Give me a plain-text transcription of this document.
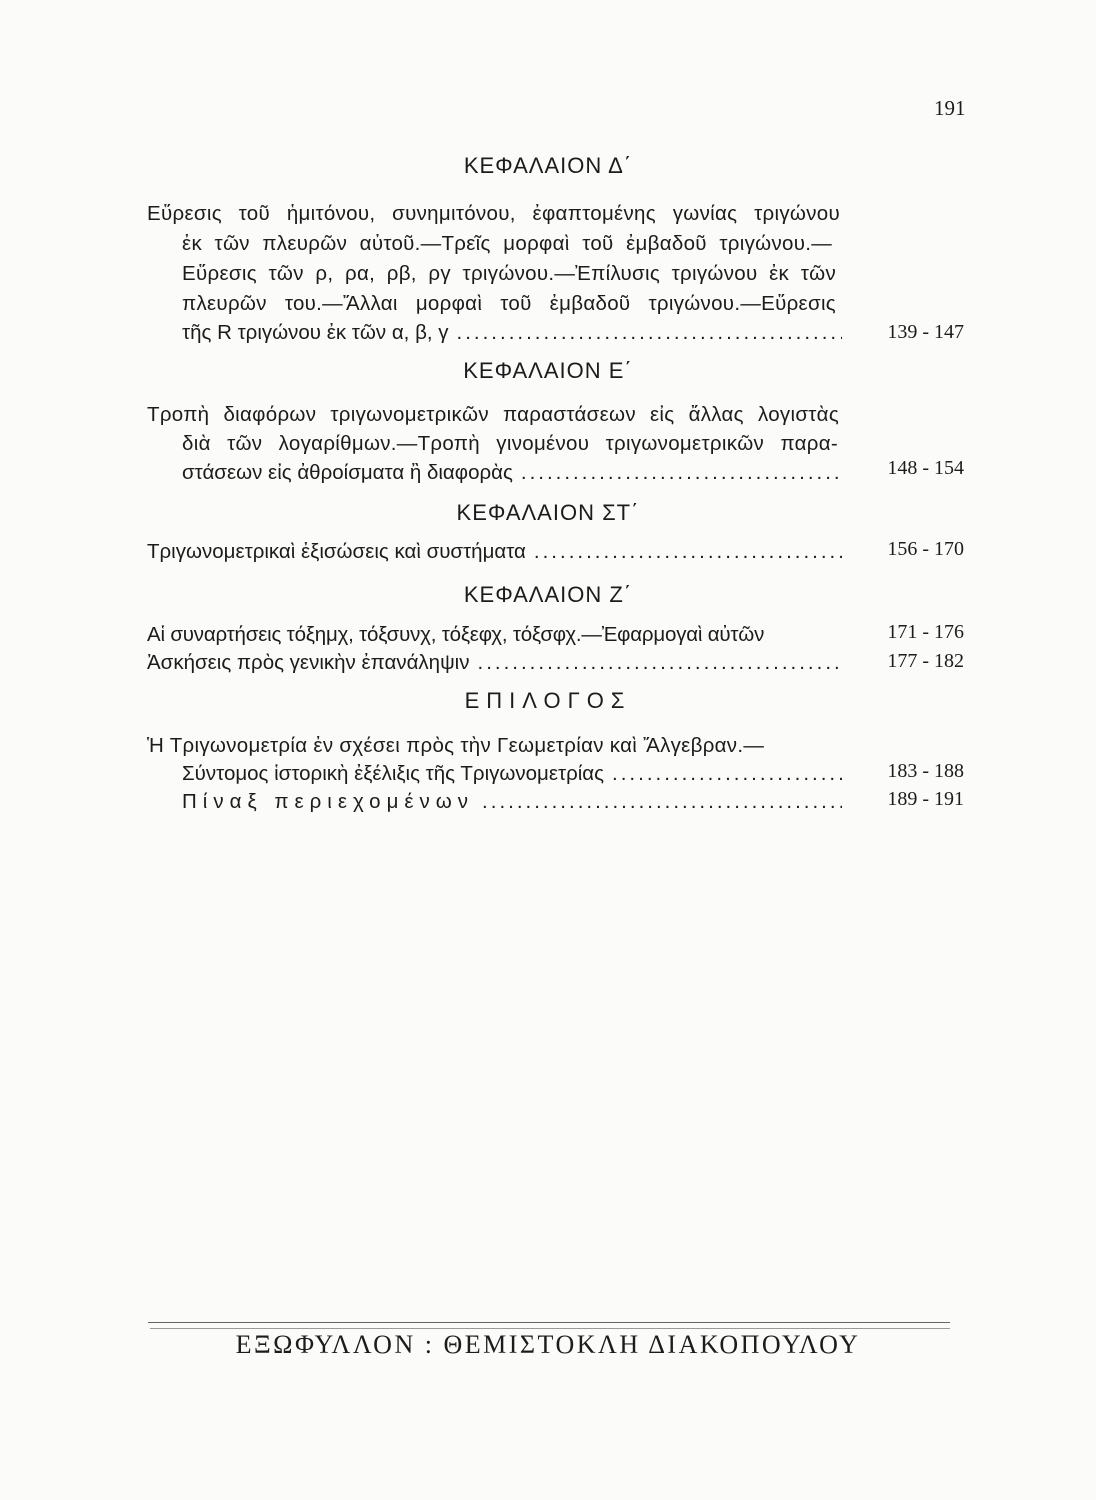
191
ΚΕΦΑΛΑΙΟΝ Δ΄
Εὕρεσις τοῦ ἡμιτόνου, συνημιτόνου, ἐφαπτομένης γωνίας τριγώνου
ἐκ τῶν πλευρῶν αὐτοῦ.—Τρεῖς μορφαὶ τοῦ ἐμβαδοῦ τριγώνου.—
Εὕρεσις τῶν ρ, ρα, ρβ, ργ τριγώνου.—Ἐπίλυσις τριγώνου ἐκ τῶν
πλευρῶν του.—Ἄλλαι μορφαὶ τοῦ ἐμβαδοῦ τριγώνου.—Εὕρεσις
τῆς R τριγώνου ἐκ τῶν α, β, γ .....	139 - 147
ΚΕΦΑΛΑΙΟΝ Ε΄
Τροπὴ διαφόρων τριγωνομετρικῶν παραστάσεων εἰς ἄλλας λογιστὰς
διὰ τῶν λογαρίθμων.—Τροπὴ γινομένου τριγωνομετρικῶν παρα-
στάσεων εἰς ἀθροίσματα ἢ διαφορὰς .....	148 - 154
ΚΕΦΑΛΑΙΟΝ ΣΤ΄
Τριγωνομετρικαὶ ἐξισώσεις καὶ συστήματα .....	156 - 170
ΚΕΦΑΛΑΙΟΝ Ζ΄
Αἱ συναρτήσεις τόξημχ, τόξσυνχ, τόξεφχ, τόξσφχ.—Ἐφαρμογαὶ αὐτῶν	171 - 176
Ἀσκήσεις πρὸς γενικὴν ἐπανάληψιν .....	177 - 182
ΕΠΙΛΟΓΟΣ
Ἡ Τριγωνομετρία ἐν σχέσει πρὸς τὴν Γεωμετρίαν καὶ Ἄλγεβραν.—
Σύντομος ἱστορικὴ ἐξέλιξις τῆς Τριγωνομετρίας .....	183 - 188
Πίναξ περιεχομένων .....	189 - 191
ΕΞΩΦΥΛΛΟΝ : ΘΕΜΙΣΤΟΚΛΗ ΔΙΑΚΟΠΟΥΛΟΥ
